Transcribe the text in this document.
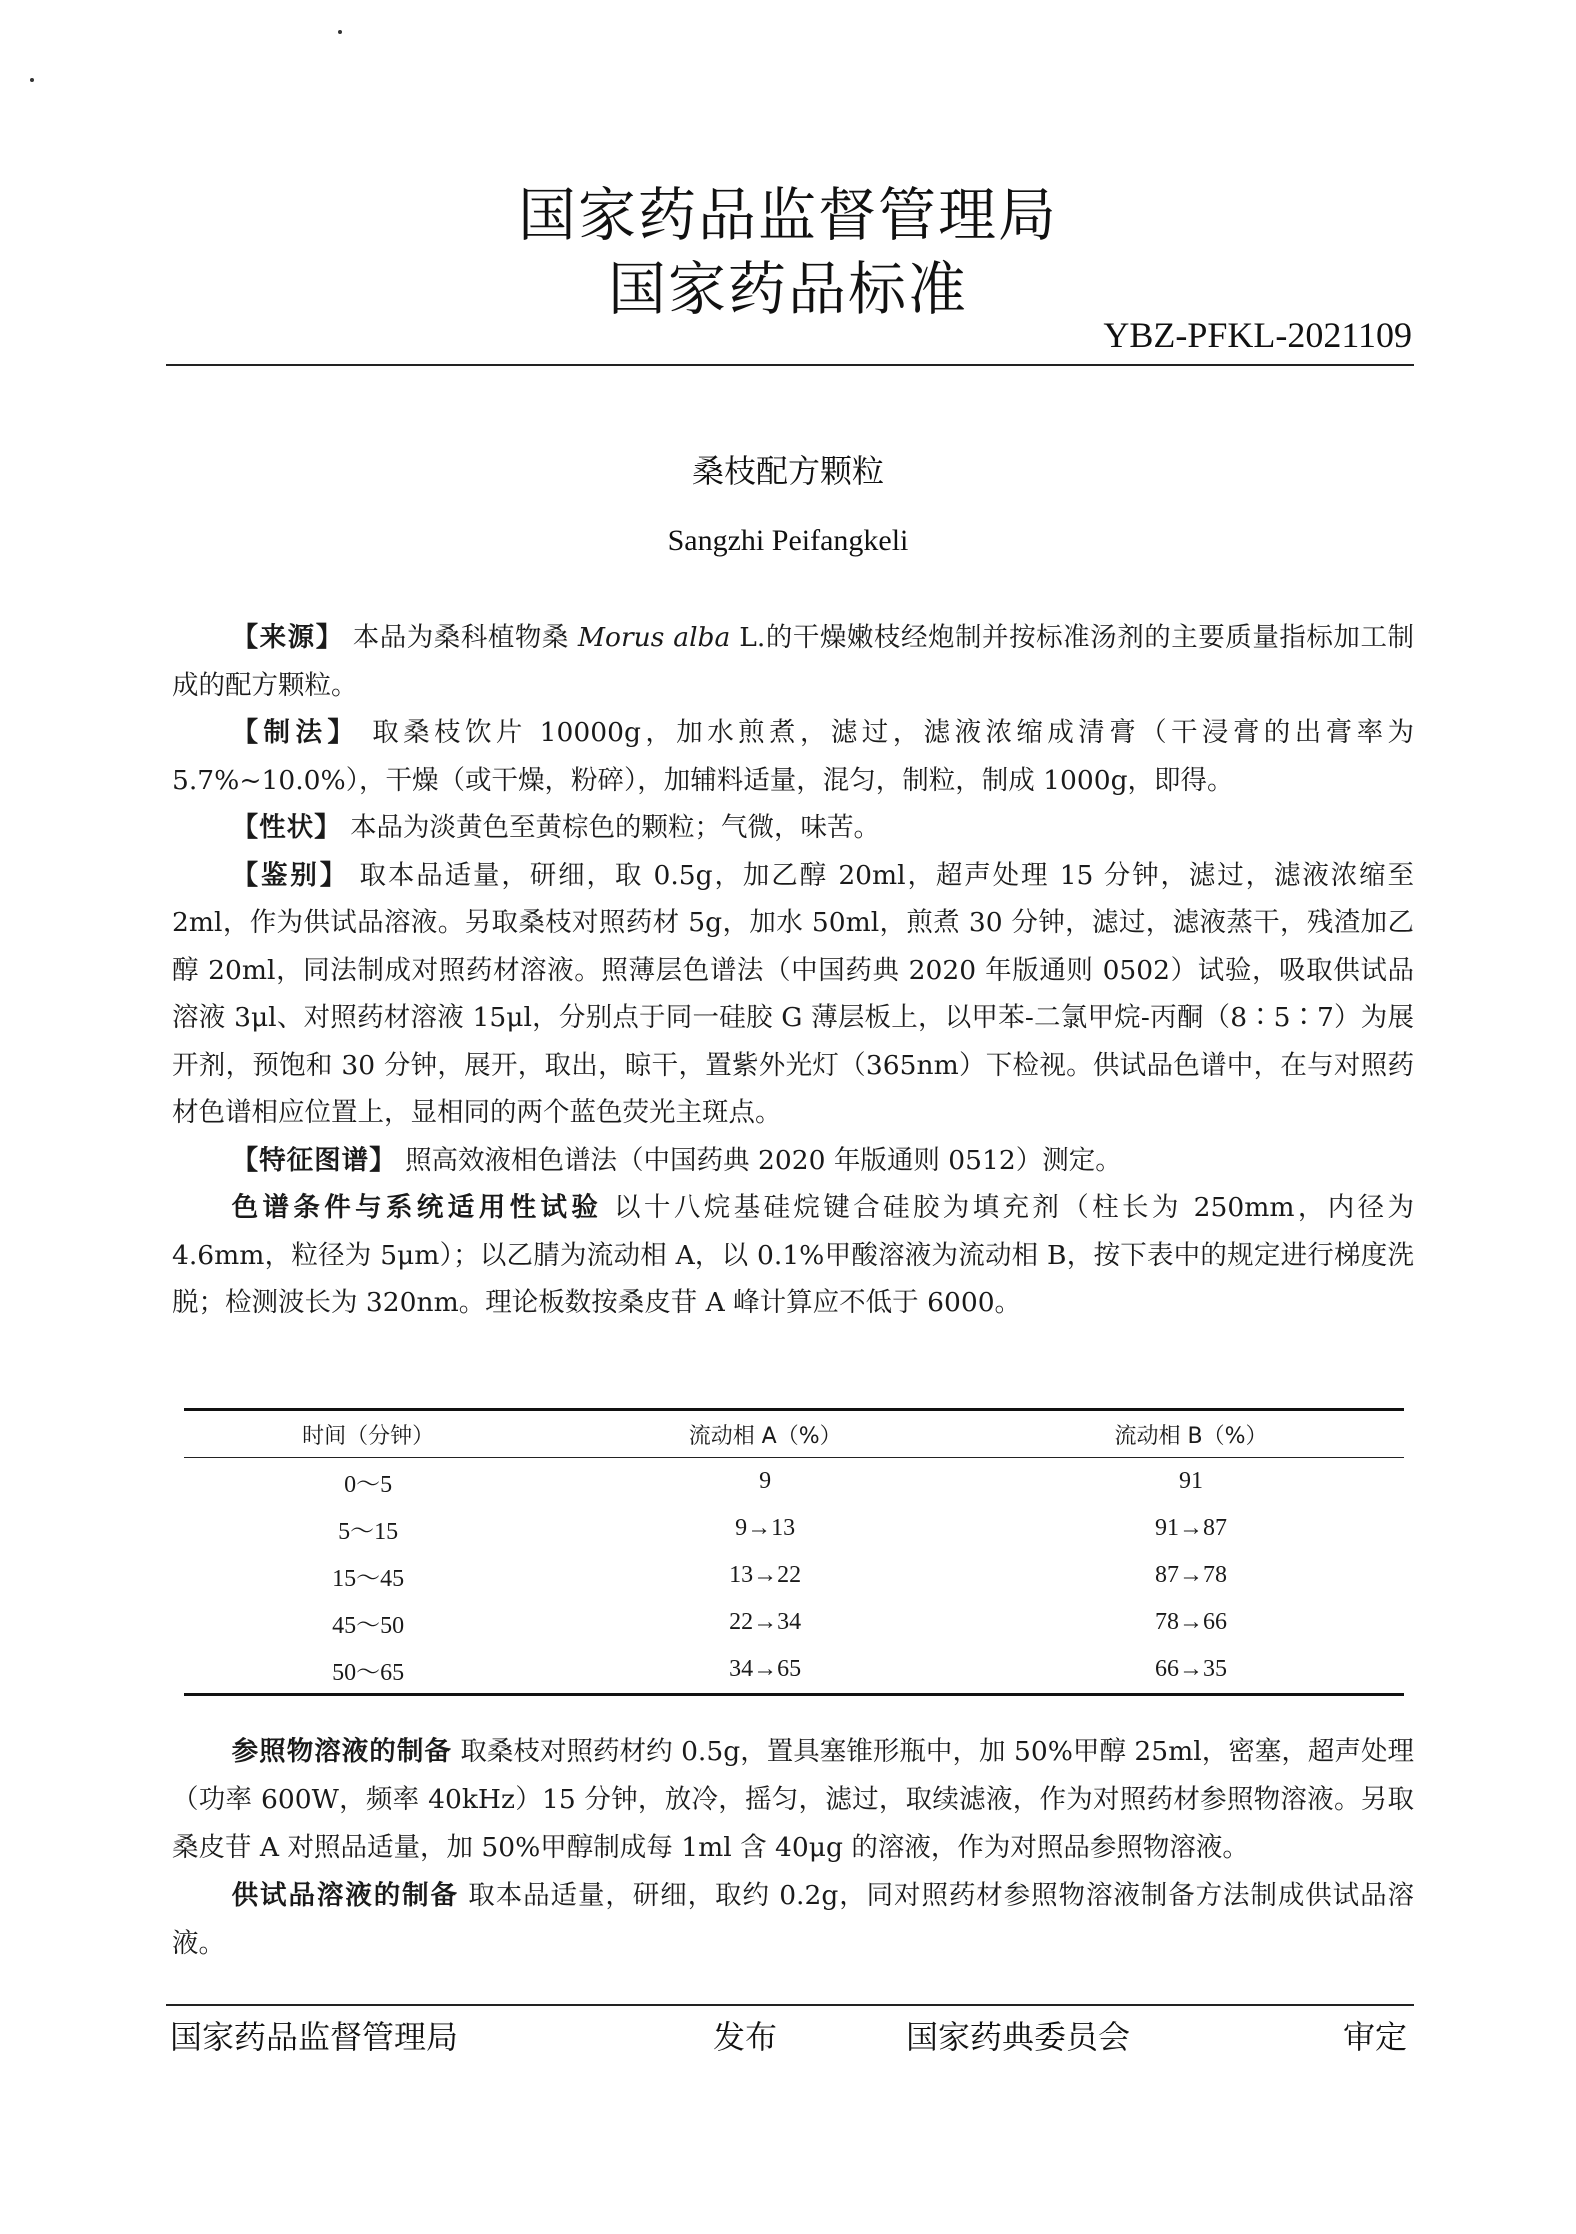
国家药品监督管理局
国家药品标准
YBZ-PFKL-2021109
桑枝配方颗粒
Sangzhi Peifangkeli

【来源】 本品为桑科植物桑 Morus alba L.的干燥嫩枝经炮制并按标准汤剂的主要质量指标加工制成的配方颗粒。

【制法】 取桑枝饮片 10000g，加水煎煮，滤过，滤液浓缩成清膏（干浸膏的出膏率为 5.7%~10.0%），干燥（或干燥，粉碎），加辅料适量，混匀，制粒，制成 1000g，即得。

【性状】 本品为淡黄色至黄棕色的颗粒；气微，味苦。

【鉴别】 取本品适量，研细，取 0.5g，加乙醇 20ml，超声处理 15 分钟，滤过，滤液浓缩至 2ml，作为供试品溶液。另取桑枝对照药材 5g，加水 50ml，煎煮 30 分钟，滤过，滤液蒸干，残渣加乙醇 20ml，同法制成对照药材溶液。照薄层色谱法（中国药典 2020 年版通则 0502）试验，吸取供试品溶液 3μl、对照药材溶液 15μl，分别点于同一硅胶 G 薄层板上，以甲苯-二氯甲烷-丙酮（8∶5∶7）为展开剂，预饱和 30 分钟，展开，取出，晾干，置紫外光灯（365nm）下检视。供试品色谱中，在与对照药材色谱相应位置上，显相同的两个蓝色荧光主斑点。

【特征图谱】 照高效液相色谱法（中国药典 2020 年版通则 0512）测定。

色谱条件与系统适用性试验 以十八烷基硅烷键合硅胶为填充剂（柱长为 250mm，内径为 4.6mm，粒径为 5μm）；以乙腈为流动相 A，以 0.1%甲酸溶液为流动相 B，按下表中的规定进行梯度洗脱；检测波长为 320nm。理论板数按桑皮苷 A 峰计算应不低于 6000。

时间（分钟）	流动相 A（%）	流动相 B（%）
0～5	9	91
5～15	9→13	91→87
15～45	13→22	87→78
45～50	22→34	78→66
50～65	34→65	66→35

参照物溶液的制备 取桑枝对照药材约 0.5g，置具塞锥形瓶中，加 50%甲醇 25ml，密塞，超声处理（功率 600W，频率 40kHz）15 分钟，放冷，摇匀，滤过，取续滤液，作为对照药材参照物溶液。另取桑皮苷 A 对照品适量，加 50%甲醇制成每 1ml 含 40μg 的溶液，作为对照品参照物溶液。

供试品溶液的制备 取本品适量，研细，取约 0.2g，同对照药材参照物溶液制备方法制成供试品溶液。

国家药品监督管理局	发布	国家药典委员会	审定
